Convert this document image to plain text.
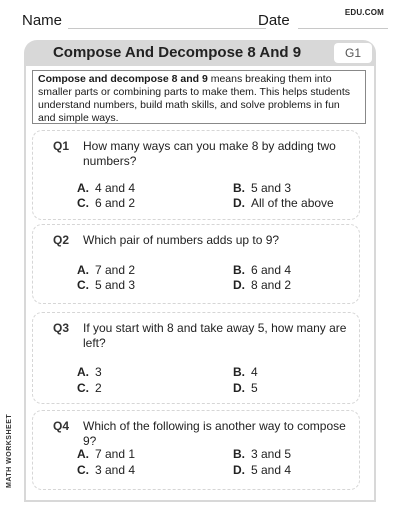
Name	Date	EDU.COM
Compose And Decompose 8 And 9	G1
Compose and decompose 8 and 9 means breaking them into smaller parts or combining parts to make them. This helps students understand numbers, build math skills, and solve problems in fun and simple ways.
Q1 How many ways can you make 8 by adding two numbers?
A. 4 and 4	B. 5 and 3
C. 6 and 2	D. All of the above
Q2 Which pair of numbers adds up to 9?
A. 7 and 2	B. 6 and 4
C. 5 and 3	D. 8 and 2
Q3 If you start with 8 and take away 5, how many are left?
A. 3	B. 4
C. 2	D. 5
Q4 Which of the following is another way to compose 9?
A. 7 and 1	B. 3 and 5
C. 3 and 4	D. 5 and 4
MATH WORKSHEET
